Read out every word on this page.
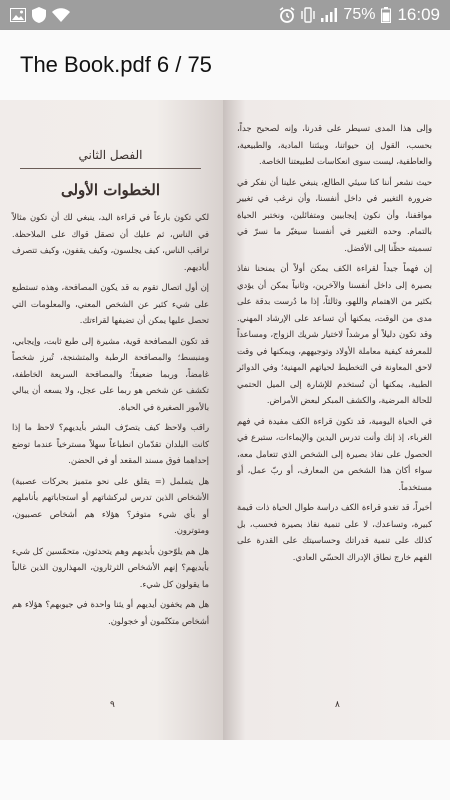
75% 16:09
The Book.pdf 6 / 75
الفصل الثاني
الخطوات الأولى

لكي تكون بارعاً في قراءة اليد، ينبغي لك أن تكون مثالاً في الناس، ثم عليك أن تصقل قواك على الملاحظة. تراقب الناس، كيف يجلسون، وكيف يقفون، وكيف تتصرف أياديهم.

إن أول اتصال تقوم به قد يكون المصافحة، وهذه تستطيع على شيء كثير عن الشخص المعني، والمعلومات التي تحصل عليها يمكن أن تضيفها لقراءتك.

قد تكون المصافحة قوية، مشيرة إلى طبع ثابت، وإيجابي، ومنبسط؛ والمصافحة الرطبة والمتشنجة، تُبرز شخصاً غامضاً، وربما ضعيفاً؛ والمصافحة السريعة الخاطفة، تكشف عن شخص هو ربما على عجل، ولا يسعه أن يبالي بالأمور الصغيرة في الحياة.

راقب ولاحظ كيف يتصرّف البشر بأيديهم؟ لاحظ ما إذا كانت البلدان تقدّمان انطباعاً سهلاً مسترخياً عندما توضع إحداهما فوق مسند المقعد أو في الحضن.

هل يتململ (= يقلق على نحو متميز بحركات عصبية) الأشخاص الذين تدرس لبركشاتهم أو استجاباتهم بأناملهم أو بأي شيء متوفر؟ هؤلاء هم أشخاص عصبيون، ومتوترون.

هل هم يلوّحون بأيديهم وهم يتحدثون، متحمّسين كل شيء بأيديهم؟ إنهم الأشخاص الثرثارون، المهذارون الذين غالباً ما يقولون كل شيء.

هل هم يخفون أيديهم أو يثنا واحدة في جيوبهم؟ هؤلاء هم أشخاص متكتّمون أو خجولون.

٩

وإلى هذا المدى تسيطر على قدرنا، وإنه لصحيح جداً، بحسب، القول إن حيواتنا، وبيئتنا المادية، والطبيعية، والعاطفية، ليست سوى انعكاسات لطبيعتنا الخاصة.

حيث نشعر أننا كنا سيئي الطالع، ينبغي علينا أن نفكر في ضرورة التغيير في داخل أنفسنا، وأن نرغب في تغيير مواقفنا، وأن نكون إيجابيين ومتفائلين، ونختبر الحياة بالتمام. وحده التغيير في أنفسنا سيغيّر ما نسرّ في تسميته حظّنا إلى الأفضل.

إن فهماً جيداً لقراءة الكف يمكن أولاً أن يمنحنا نفاذ بصيرة إلى داخل أنفسنا والآخرين، وثانياً يمكن أن يؤدي بكثير من الاهتمام واللهو، وثالثاً، إذا ما دُرست بدقة على مدى من الوقت، يمكنها أن تساعد على الإرشاد المهني. وقد تكون دليلاً أو مرشداً لاختيار شريك الزواج، ومساعداً للمعرفة كيفية معاملة الأولاد وتوجيههم، ويمكنها في وقت لاحق المعاونة في التخطيط لحياتهم المهنية؛ وفي الدوائر الطبية، يمكنها أن تُستخدم للإشارة إلى الميل الحتمي للحالة المرضية، والكشف المبكر لبعض الأمراض.

في الحياة اليومية، قد تكون قراءة الكف مفيدة في فهم الغرباء، إذ إنك وأنت تدرس اليدين والإيماءات، ستبرع في الحصول على نفاذ بصيرة إلى الشخص الذي تتعامل معه، سواء أكان هذا الشخص من المعارف، أو ربّ عمل، أو مستخدماً.

أخيراً، قد تغدو قراءة الكف دراسة طوال الحياة ذات قيمة كبيرة، وتساعدك، لا على تنمية نفاذ بصيرة فحسب، بل كذلك على تنمية قدراتك وحساسيتك على القدرة على الفهم خارج نطاق الإدراك الحسّي العادي.

٨
